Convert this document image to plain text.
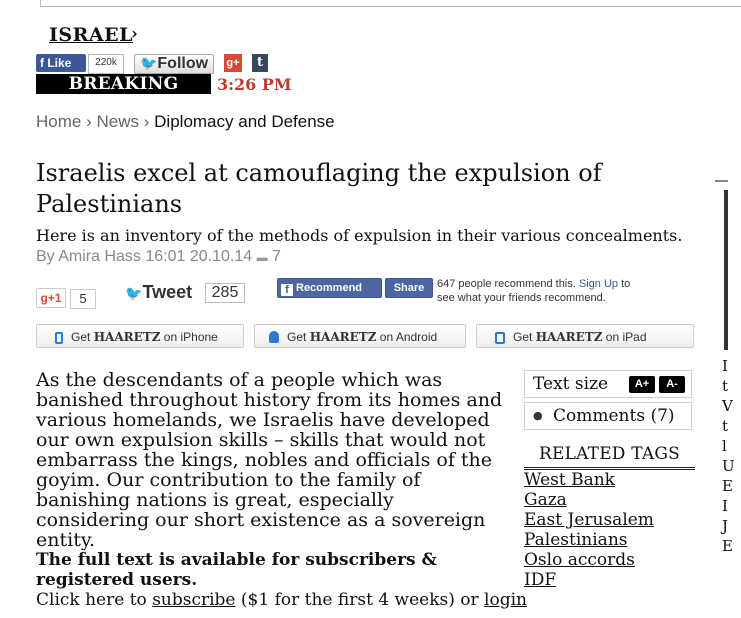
ISRAEL
›
f Like	220k	🐦Follow	g+	t
BREAKING NEWS
3:26 PM
Home › News › Diplomacy and Defense
Israelis excel at camouflaging the expulsion of Palestinians
Here is an inventory of the methods of expulsion in their various concealments.
By Amira Hass 16:01 20.10.14 ▬ 7
g+1	5	🐦Tweet	285	f Recommend	Share	647 people recommend this. Sign Up to see what your friends recommend.
Get HAARETZ on iPhone	Get HAARETZ on Android	Get HAARETZ on iPad
As the descendants of a people which was banished throughout history from its homes and various homelands, we Israelis have developed our own expulsion skills – skills that would not embarrass the kings, nobles and officials of the goyim. Our contribution to the family of banishing nations is great, especially considering our short existence as a sovereign entity.
The full text is available for subscribers & registered users.
Click here to subscribe ($1 for the first 4 weeks) or login
Text size	A+	A-
● Comments (7)
RELATED TAGS
West Bank
Gaza
East Jerusalem
Palestinians
Oslo accords
IDF
I t V t l U E I J E
